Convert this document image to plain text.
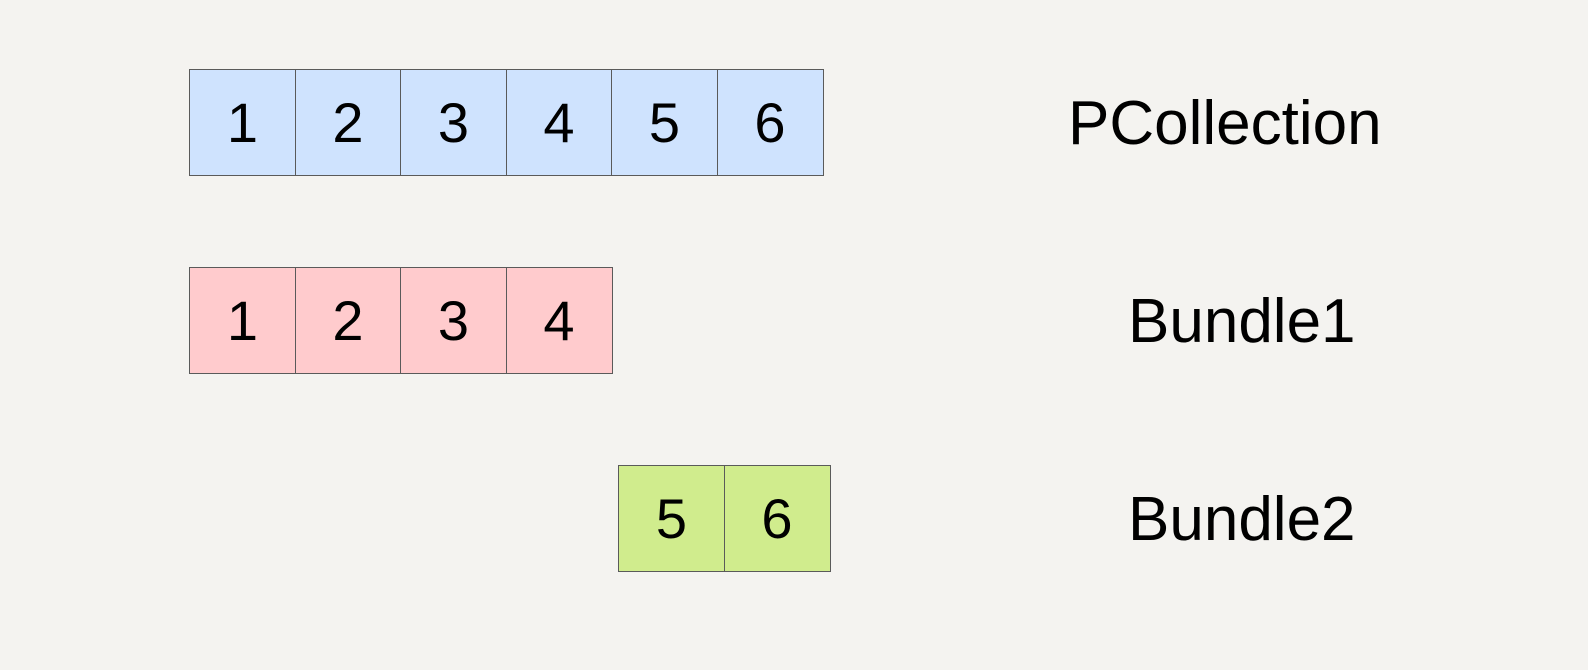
1	2	3	4	5	6	PCollection
1	2	3	4	Bundle1
5	6	Bundle2
